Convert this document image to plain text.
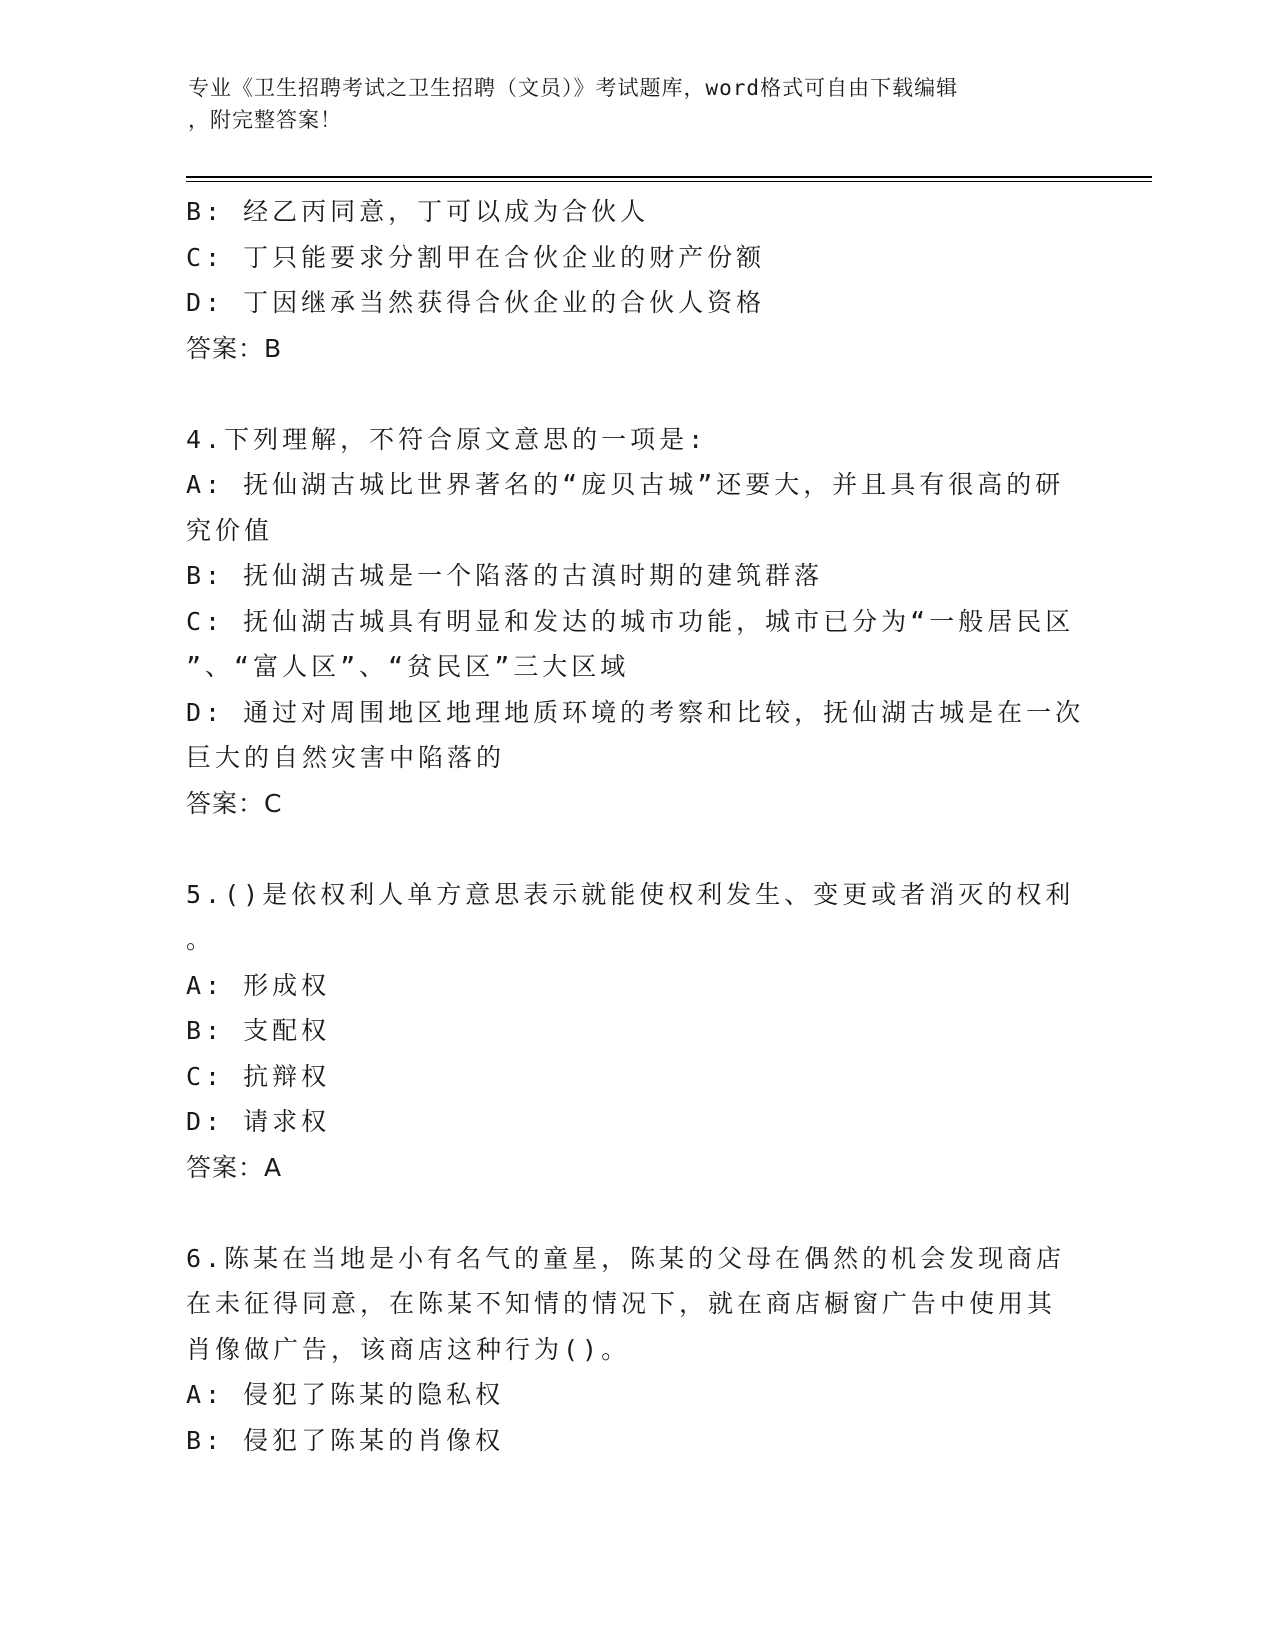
专业《卫生招聘考试之卫生招聘（文员）》考试题库，word格式可自由下载编辑
，附完整答案！
B: 经乙丙同意，丁可以成为合伙人
C: 丁只能要求分割甲在合伙企业的财产份额
D: 丁因继承当然获得合伙企业的合伙人资格
答案：B
4.下列理解，不符合原文意思的一项是:
A: 抚仙湖古城比世界著名的“庞贝古城”还要大，并且具有很高的研
究价值
B: 抚仙湖古城是一个陷落的古滇时期的建筑群落
C: 抚仙湖古城具有明显和发达的城市功能，城市已分为“一般居民区
”、“富人区”、“贫民区”三大区域
D: 通过对周围地区地理地质环境的考察和比较，抚仙湖古城是在一次
巨大的自然灾害中陷落的
答案：C
5.()是依权利人单方意思表示就能使权利发生、变更或者消灭的权利
。
A: 形成权
B: 支配权
C: 抗辩权
D: 请求权
答案：A
6.陈某在当地是小有名气的童星，陈某的父母在偶然的机会发现商店
在未征得同意，在陈某不知情的情况下，就在商店橱窗广告中使用其
肖像做广告，该商店这种行为()。
A: 侵犯了陈某的隐私权
B: 侵犯了陈某的肖像权
